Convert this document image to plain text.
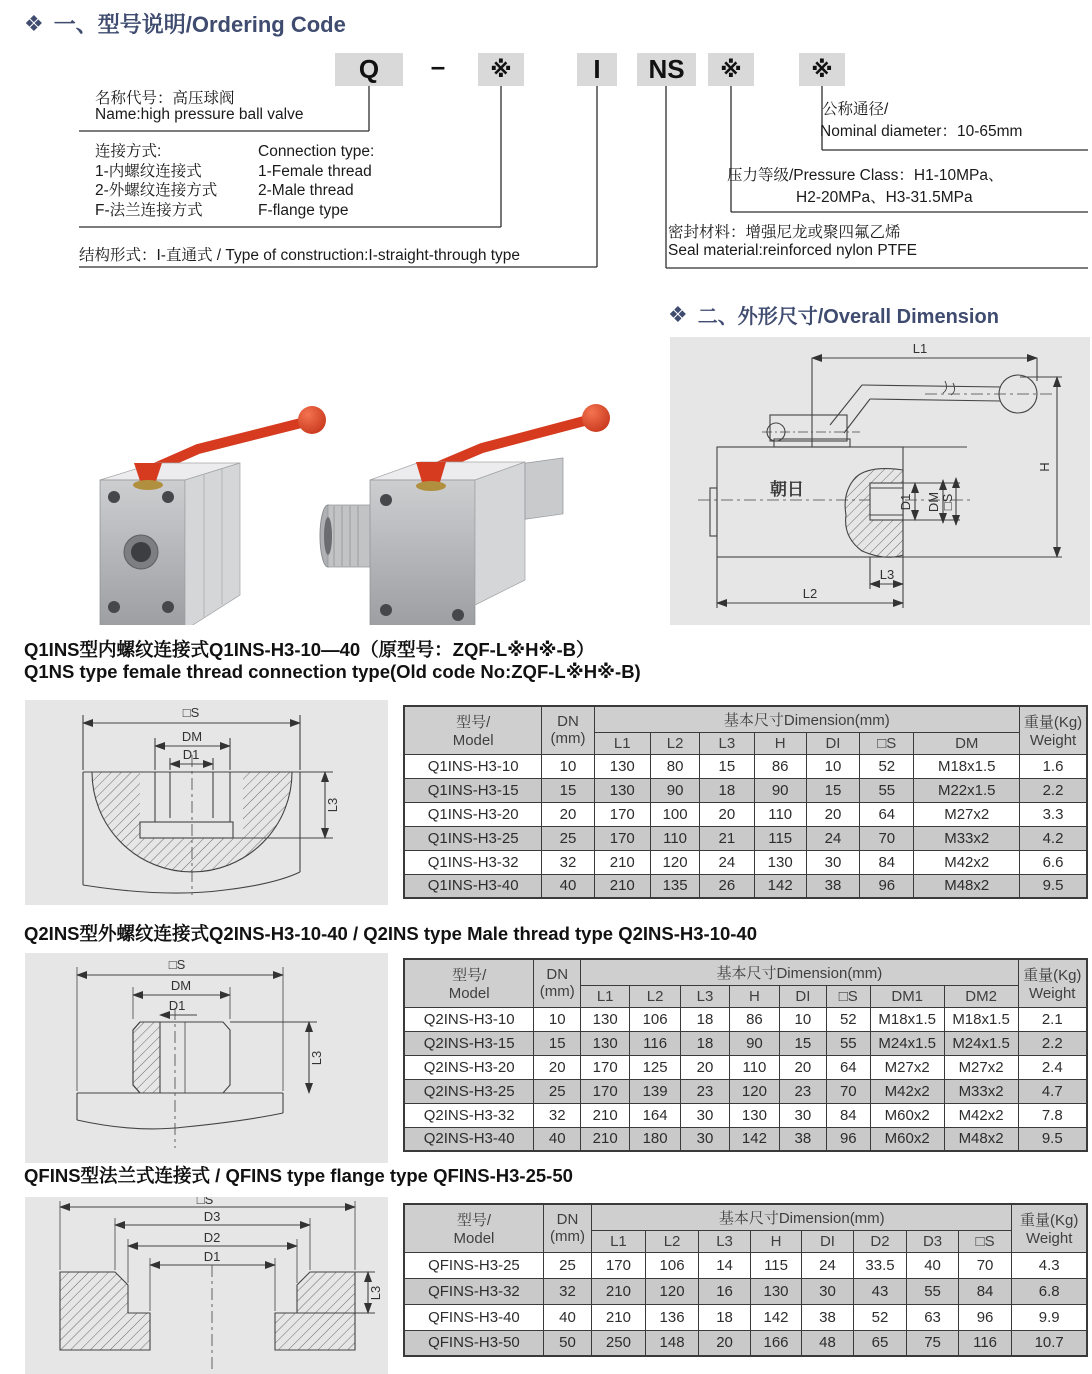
❖ 一、型号说明/Ordering Code
Q	–	※	I	NS	※	※
名称代号：高压球阀
Name:high pressure ball valve
连接方式:
1-内螺纹连接式
2-外螺纹连接方式
F-法兰连接方式
Connection type:
1-Female thread
2-Male thread
F-flange type
结构形式：I-直通式 / Type of construction:I-straight-through type
公称通径/
Nominal diameter：10-65mm
压力等级/Pressure Class：H1-10MPa、
H2-20MPa、H3-31.5MPa
密封材料：增强尼龙或聚四氟乙烯
Seal material:reinforced nylon PTFE
❖ 二、外形尺寸/Overall Dimension
L1
H
L3
L2
D1 DM □S
朝日
Q1INS型内螺纹连接式Q1INS-H3-10—40（原型号：ZQF-L※H※-B）
Q1NS type female thread connection type(Old code No:ZQF-L※H※-B)
□S
DM
D1
L3
型号/
Model

DN
(mm)

基本尺寸Dimension(mm)	重量(Kg)
Weight

		L1	L2	L3	H	DI	□S	DM	

Q1INS-H3-10	10	130	80	15	86	10	52	M18x1.5	1.6
Q1INS-H3-15	15	130	90	18	90	15	55	M22x1.5	2.2
Q1INS-H3-20	20	170	100	20	110	20	64	M27x2	3.3
Q1INS-H3-25	25	170	110	21	115	24	70	M33x2	4.2
Q1INS-H3-32	32	210	120	24	130	30	84	M42x2	6.6
Q1INS-H3-40	40	210	135	26	142	38	96	M48x2	9.5
Q2INS型外螺纹连接式Q2INS-H3-10-40 / Q2INS type Male thread type Q2INS-H3-10-40
□S
DM
D1
L3
型号/
Model

DN
(mm)

基本尺寸Dimension(mm)	重量(Kg)
Weight

		L1	L2	L3	H	DI	□S	DM1	DM2	

Q2INS-H3-10	10	130	106	18	86	10	52	M18x1.5	M18x1.5	2.1
Q2INS-H3-15	15	130	116	18	90	15	55	M24x1.5	M24x1.5	2.2
Q2INS-H3-20	20	170	125	20	110	20	64	M27x2	M27x2	2.4
Q2INS-H3-25	25	170	139	23	120	23	70	M42x2	M33x2	4.7
Q2INS-H3-32	32	210	164	30	130	30	84	M60x2	M42x2	7.8
Q2INS-H3-40	40	210	180	30	142	38	96	M60x2	M48x2	9.5
QFINS型法兰式连接式 / QFINS type flange type QFINS-H3-25-50
□S
D3
D2
D1
L3
型号/
Model

DN
(mm)

基本尺寸Dimension(mm)	重量(Kg)
Weight

		L1	L2	L3	H	DI	D2	D3	□S	

QFINS-H3-25	25	170	106	14	115	24	33.5	40	70	4.3
QFINS-H3-32	32	210	120	16	130	30	43	55	84	6.8
QFINS-H3-40	40	210	136	18	142	38	52	63	96	9.9
QFINS-H3-50	50	250	148	20	166	48	65	75	116	10.7
